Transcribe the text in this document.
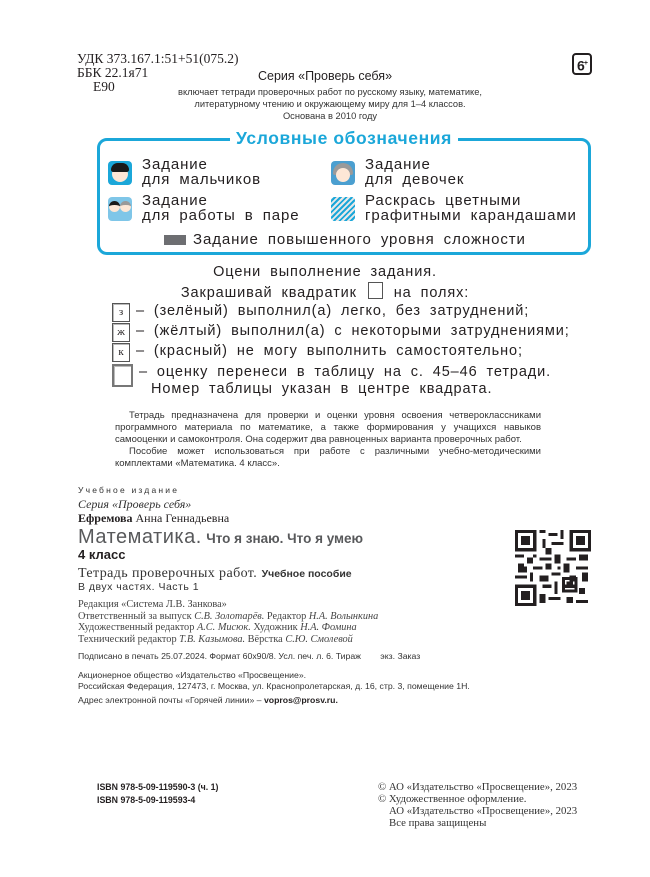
УДК 373.167.1:51+51(075.2)
ББК 22.1я71
Е90
Серия «Проверь себя»
включает тетради проверочных работ по русскому языку, математике, литературному чтению и окружающему миру для 1–4 классов.
Основана в 2010 году
6+
Условные обозначения
Задание
для мальчиков
Задание
для девочек
Задание
для работы в паре
Раскрась цветными
графитными карандашами
Задание повышенного уровня сложности
Оцени выполнение задания.
Закрашивай квадратик	на полях:
з – (зелёный) выполнил(а) легко, без затруднений;
ж – (жёлтый) выполнил(а) с некоторыми затруднениями;
к – (красный) не могу выполнить самостоятельно;
– оценку перенеси в таблицу на с. 45–46 тетради.
Номер таблицы указан в центре квадрата.

Тетрадь предназначена для проверки и оценки уровня освоения четвероклассниками программного материала по математике, а также формирования у учащихся навыков самооценки и самоконтроля. Она содержит два равноценных варианта проверочных работ.

Пособие может использоваться при работе с различными учебно-методическими комплектами «Математика. 4 класс».

Учебное издание
Серия «Проверь себя»
Ефремова Анна Геннадьевна
Математика. Что я знаю. Что я умею
4 класс
Тетрадь проверочных работ. Учебное пособие
В двух частях. Часть 1
Редакция «Система Л.В. Занкова»
Ответственный за выпуск С.В. Золотарёв. Редактор Н.А. Волынкина
Художественный редактор А.С. Мисюк. Художник Н.А. Фомина
Технический редактор Т.В. Казымова. Вёрстка С.Ю. Смолевой
Подписано в печать 25.07.2024. Формат 60x90/8. Усл. печ. л. 6. Тираж        экз. Заказ
Акционерное общество «Издательство «Просвещение».
Российская Федерация, 127473, г. Москва, ул. Краснопролетарская, д. 16, стр. 3, помещение 1Н.
Адрес электронной почты «Горячей линии» – vopros@prosv.ru.
ISBN 978-5-09-119590-3 (ч. 1)
ISBN 978-5-09-119593-4
© АО «Издательство «Просвещение», 2023
© Художественное оформление.
АО «Издательство «Просвещение», 2023
Все права защищены
